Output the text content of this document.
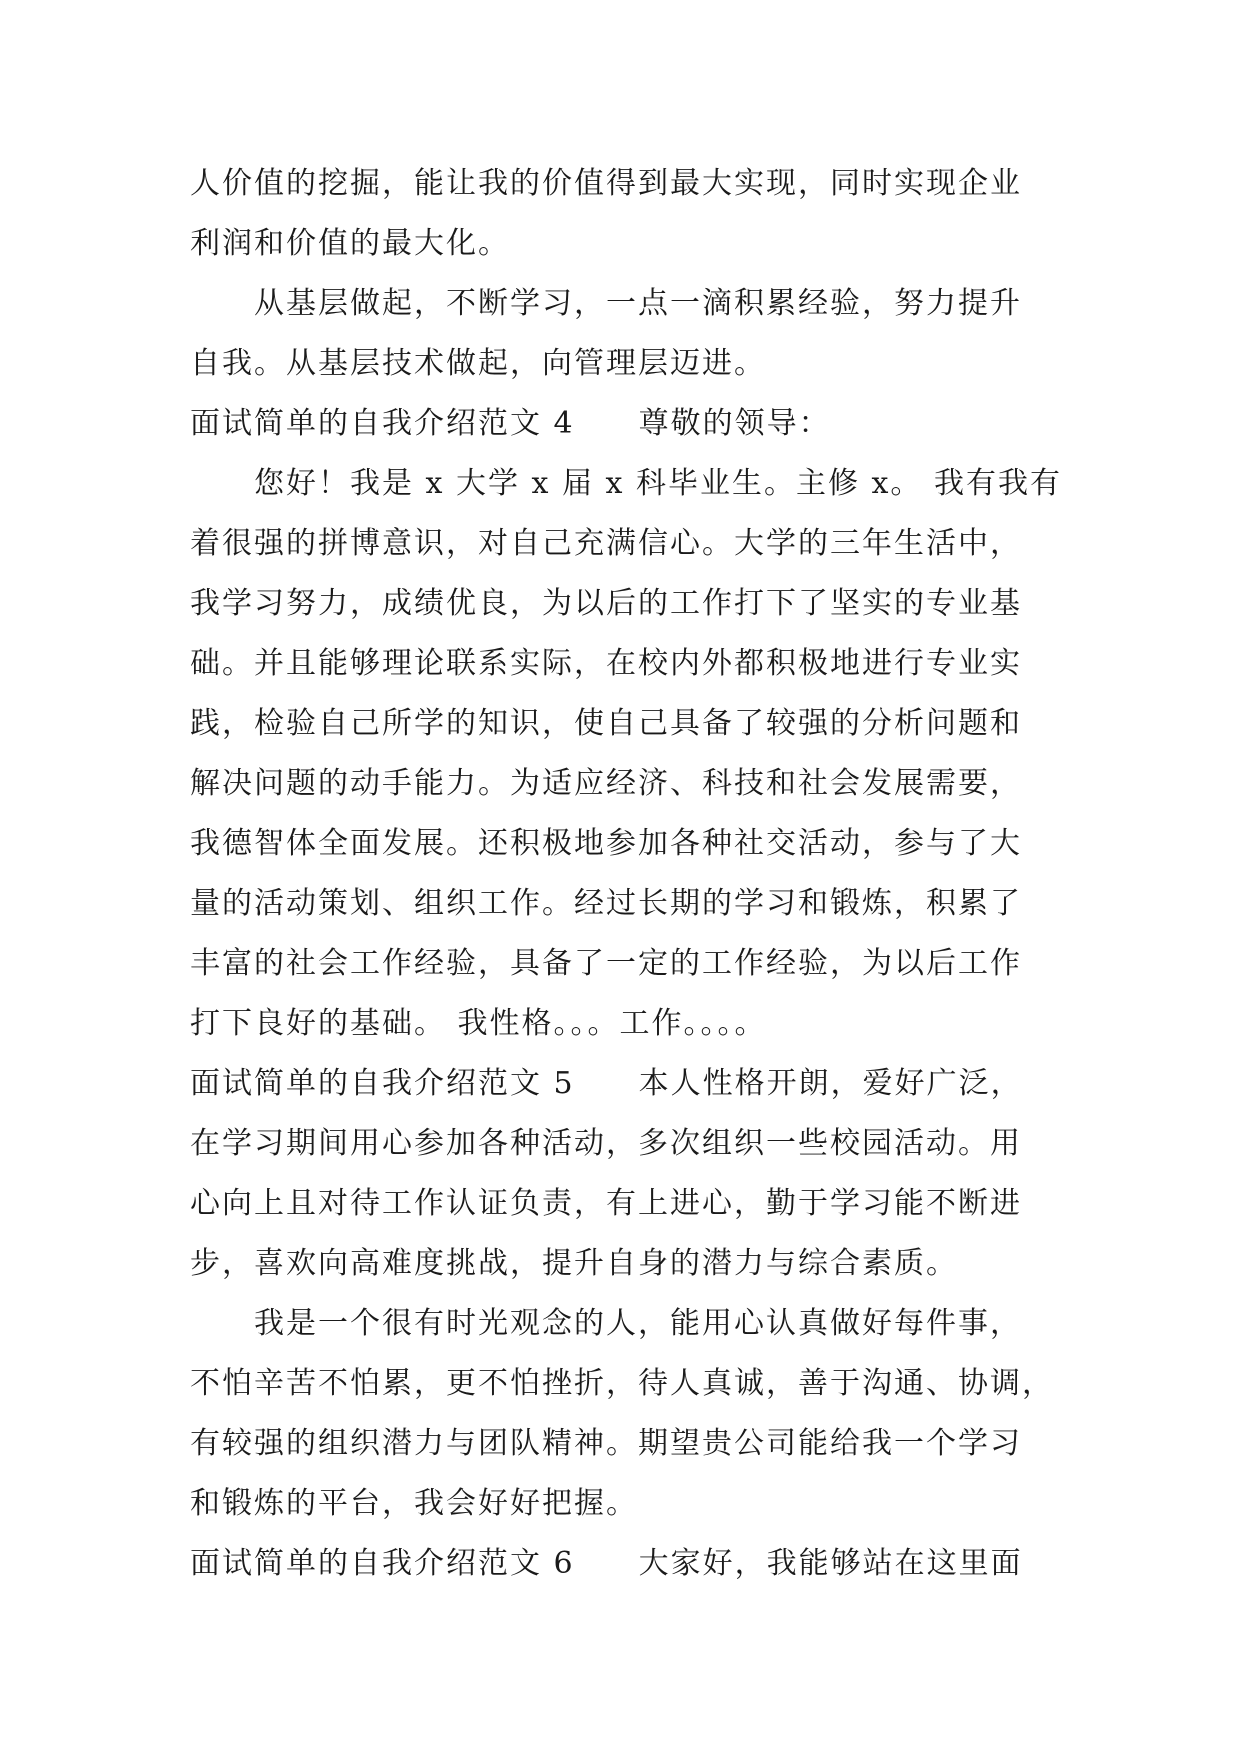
人价值的挖掘，能让我的价值得到最大实现，同时实现企业
利润和价值的最大化。
从基层做起，不断学习，一点一滴积累经验，努力提升
自我。从基层技术做起，向管理层迈进。
面试简单的自我介绍范文 4 尊敬的领导：
您好！我是 x 大学 x 届 x 科毕业生。主修 x。 我有我有
着很强的拼博意识，对自己充满信心。大学的三年生活中，
我学习努力，成绩优良，为以后的工作打下了坚实的专业基
础。并且能够理论联系实际，在校内外都积极地进行专业实
践，检验自己所学的知识，使自己具备了较强的分析问题和
解决问题的动手能力。为适应经济、科技和社会发展需要，
我德智体全面发展。还积极地参加各种社交活动，参与了大
量的活动策划、组织工作。经过长期的学习和锻炼，积累了
丰富的社会工作经验，具备了一定的工作经验，为以后工作
打下良好的基础。 我性格。。。工作。。。。
面试简单的自我介绍范文 5 本人性格开朗，爱好广泛，
在学习期间用心参加各种活动，多次组织一些校园活动。用
心向上且对待工作认证负责，有上进心，勤于学习能不断进
步，喜欢向高难度挑战，提升自身的潜力与综合素质。
我是一个很有时光观念的人，能用心认真做好每件事，
不怕辛苦不怕累，更不怕挫折，待人真诚，善于沟通、协调，
有较强的组织潜力与团队精神。期望贵公司能给我一个学习
和锻炼的平台，我会好好把握。
面试简单的自我介绍范文 6 大家好，我能够站在这里面
